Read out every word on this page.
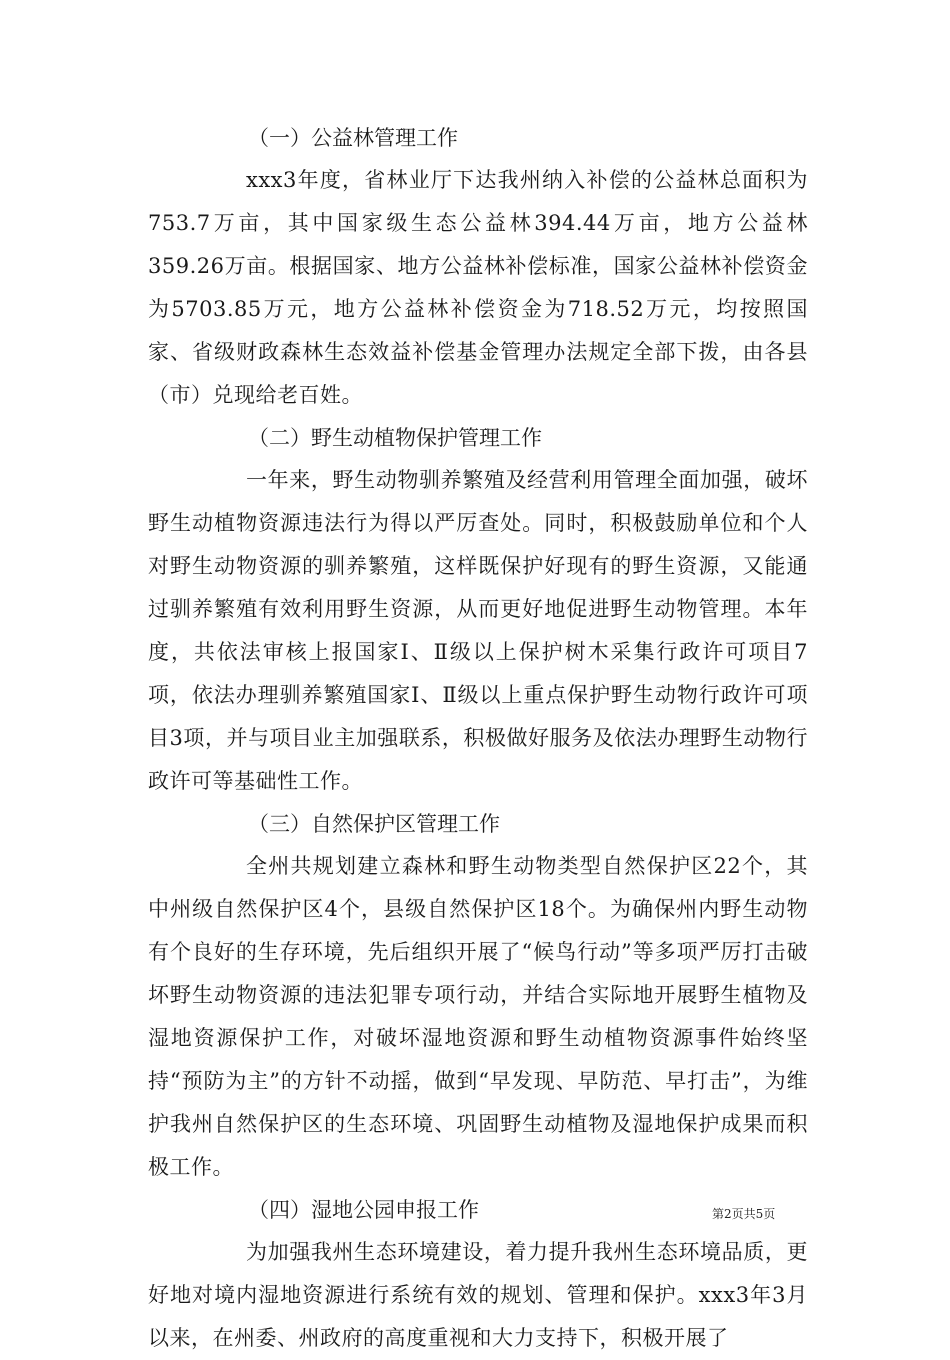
（一）公益林管理工作

xxx3年度，省林业厅下达我州纳入补偿的公益林总面积为753.7万亩，其中国家级生态公益林394.44万亩，地方公益林359.26万亩。根据国家、地方公益林补偿标准，国家公益林补偿资金为5703.85万元，地方公益林补偿资金为718.52万元，均按照国家、省级财政森林生态效益补偿基金管理办法规定全部下拨，由各县（市）兑现给老百姓。

（二）野生动植物保护管理工作

一年来，野生动物驯养繁殖及经营利用管理全面加强，破坏野生动植物资源违法行为得以严厉查处。同时，积极鼓励单位和个人对野生动物资源的驯养繁殖，这样既保护好现有的野生资源，又能通过驯养繁殖有效利用野生资源，从而更好地促进野生动物管理。本年度，共依法审核上报国家Ⅰ、Ⅱ级以上保护树木采集行政许可项目7项，依法办理驯养繁殖国家Ⅰ、Ⅱ级以上重点保护野生动物行政许可项目3项，并与项目业主加强联系，积极做好服务及依法办理野生动物行政许可等基础性工作。

（三）自然保护区管理工作

全州共规划建立森林和野生动物类型自然保护区22个，其中州级自然保护区4个，县级自然保护区18个。为确保州内野生动物有个良好的生存环境，先后组织开展了“候鸟行动”等多项严厉打击破坏野生动物资源的违法犯罪专项行动，并结合实际地开展野生植物及湿地资源保护工作，对破坏湿地资源和野生动植物资源事件始终坚持“预防为主”的方针不动摇，做到“早发现、早防范、早打击”，为维护我州自然保护区的生态环境、巩固野生动植物及湿地保护成果而积极工作。

（四）湿地公园申报工作

为加强我州生态环境建设，着力提升我州生态环境品质，更好地对境内湿地资源进行系统有效的规划、管理和保护。xxx3年3月以来，在州委、州政府的高度重视和大力支持下，积极开展了

第2页共5页
